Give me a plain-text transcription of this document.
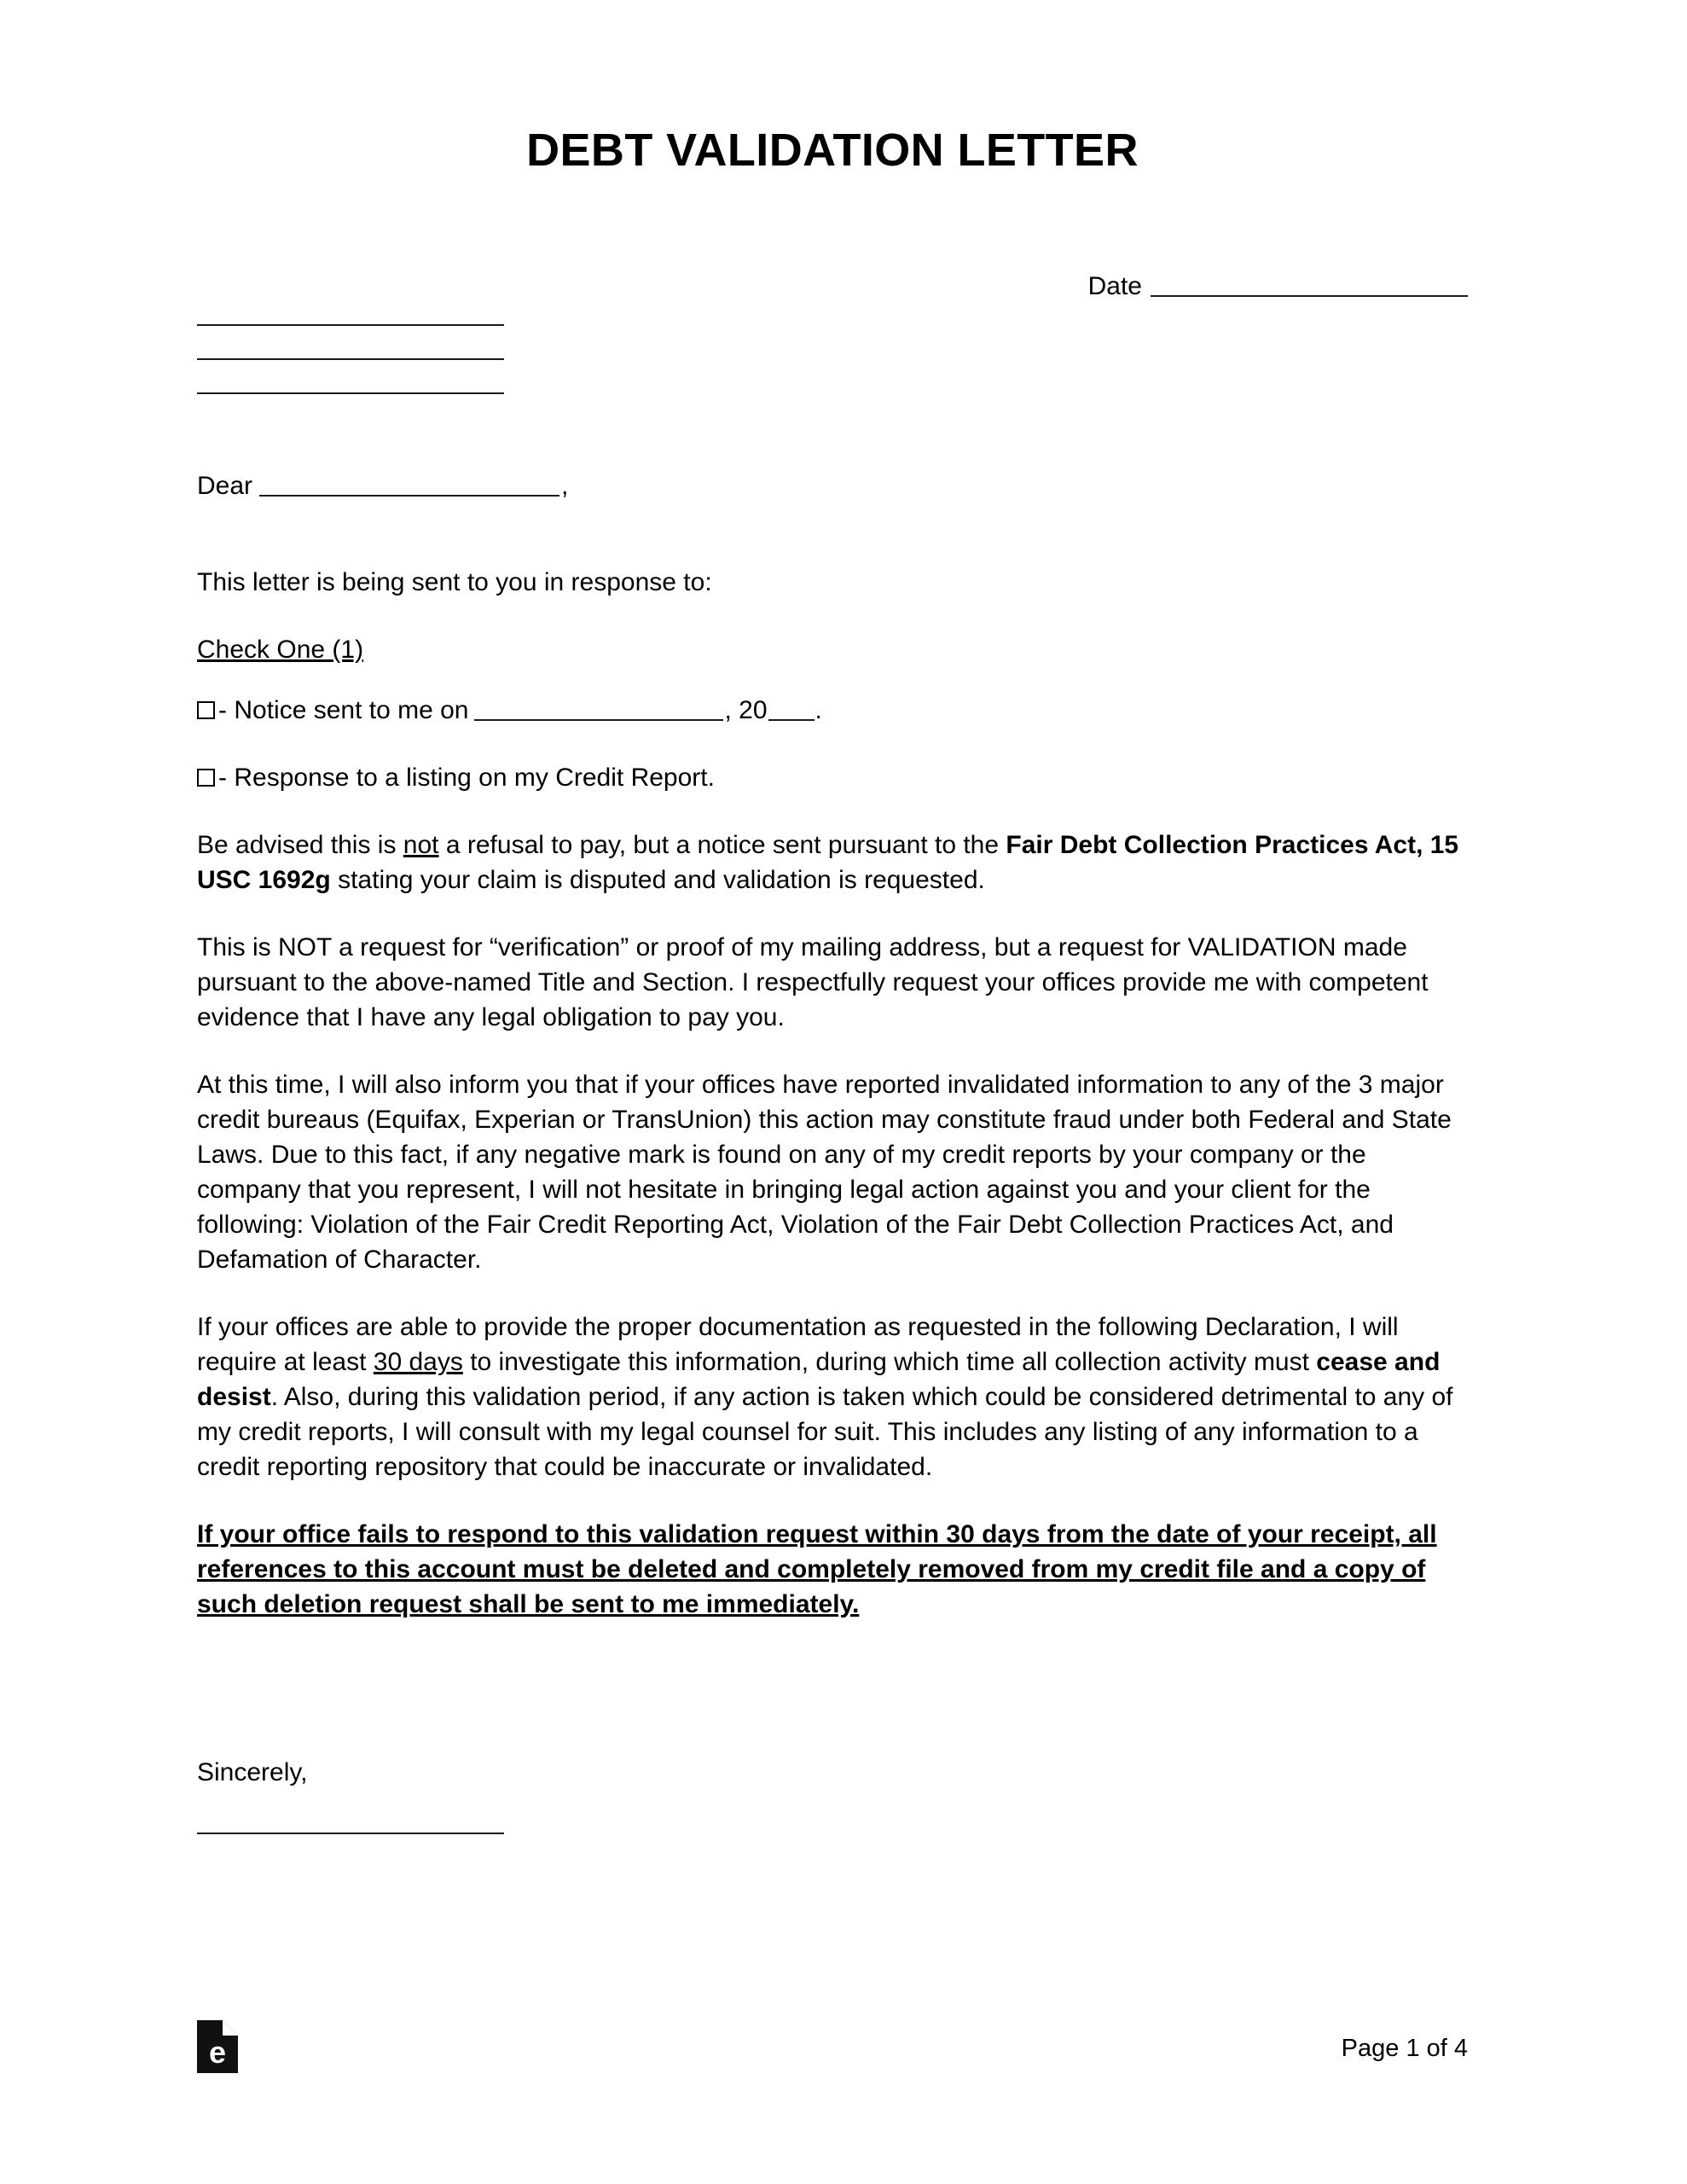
DEBT VALIDATION LETTER
Date
Dear	,

This letter is being sent to you in response to:

Check One (1)

- Notice sent to me on	, 20 .

- Response to a listing on my Credit Report.

Be advised this is not a refusal to pay, but a notice sent pursuant to the Fair Debt Collection Practices Act, 15 USC 1692g stating your claim is disputed and validation is requested.

This is NOT a request for “verification” or proof of my mailing address, but a request for VALIDATION made pursuant to the above-named Title and Section. I respectfully request your offices provide me with competent evidence that I have any legal obligation to pay you.

At this time, I will also inform you that if your offices have reported invalidated information to any of the 3 major credit bureaus (Equifax, Experian or TransUnion) this action may constitute fraud under both Federal and State Laws. Due to this fact, if any negative mark is found on any of my credit reports by your company or the company that you represent, I will not hesitate in bringing legal action against you and your client for the following: Violation of the Fair Credit Reporting Act, Violation of the Fair Debt Collection Practices Act, and Defamation of Character.

If your offices are able to provide the proper documentation as requested in the following Declaration, I will require at least 30 days to investigate this information, during which time all collection activity must cease and desist. Also, during this validation period, if any action is taken which could be considered detrimental to any of my credit reports, I will consult with my legal counsel for suit. This includes any listing of any information to a credit reporting repository that could be inaccurate or invalidated.

If your office fails to respond to this validation request within 30 days from the date of your receipt, all references to this account must be deleted and completely removed from my credit file and a copy of such deletion request shall be sent to me immediately.

Sincerely,
e	Page 1 of 4
